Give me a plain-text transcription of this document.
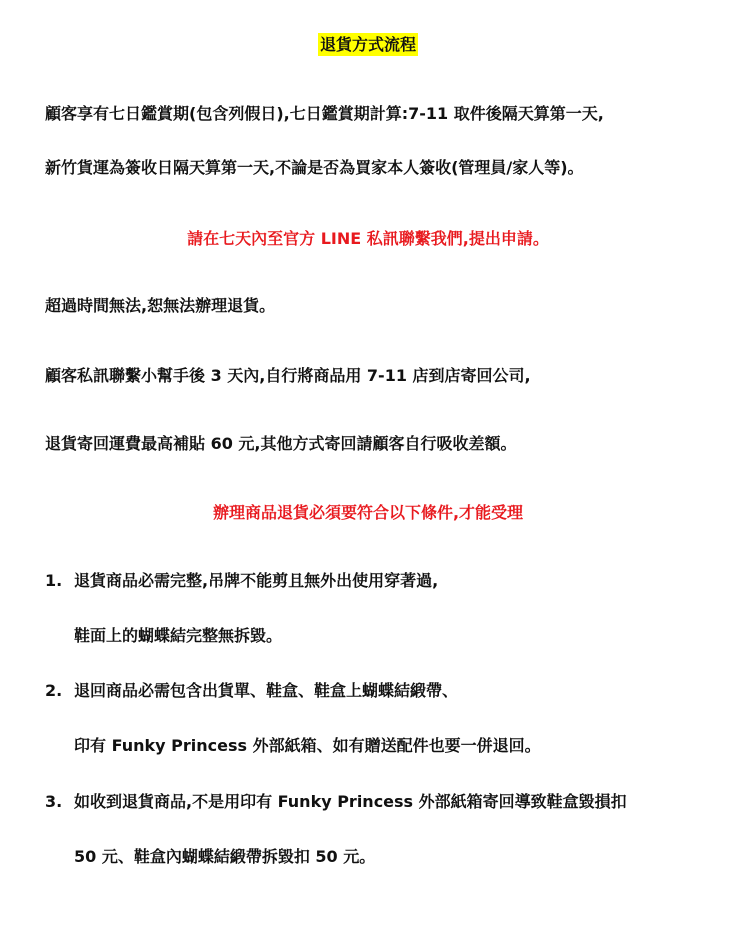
退貨方式流程
顧客享有七日鑑賞期(包含列假日),七日鑑賞期計算:7-11 取件後隔天算第一天,
新竹貨運為簽收日隔天算第一天,不論是否為買家本人簽收(管理員/家人等)。
請在七天內至官方 LINE 私訊聯繫我們,提出申請。
超過時間無法,恕無法辦理退貨。
顧客私訊聯繫小幫手後 3 天內,自行將商品用 7-11 店到店寄回公司,
退貨寄回運費最高補貼 60 元,其他方式寄回請顧客自行吸收差額。
辦理商品退貨必須要符合以下條件,才能受理
1. 退貨商品必需完整,吊牌不能剪且無外出使用穿著過,
鞋面上的蝴蝶結完整無拆毀。
2. 退回商品必需包含出貨單、鞋盒、鞋盒上蝴蝶結緞帶、
印有 Funky Princess 外部紙箱、如有贈送配件也要一併退回。
3. 如收到退貨商品,不是用印有 Funky Princess 外部紙箱寄回導致鞋盒毀損扣
50 元、鞋盒內蝴蝶結緞帶拆毀扣 50 元。
